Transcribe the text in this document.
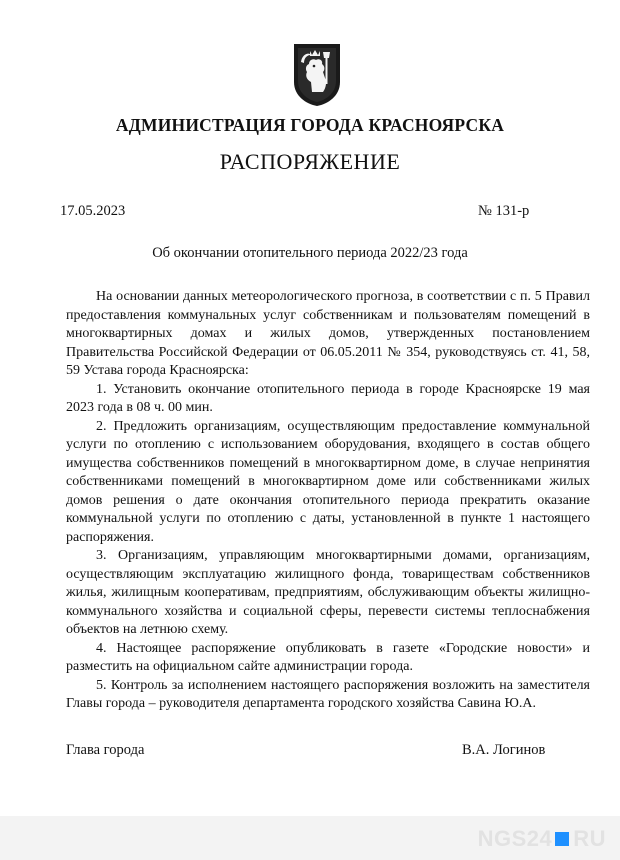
АДМИНИСТРАЦИЯ ГОРОДА КРАСНОЯРСКА
РАСПОРЯЖЕНИЕ
17.05.2023	№ 131-р
Об окончании отопительного периода 2022/23 года

На основании данных метеорологического прогноза, в соответствии с п. 5 Правил предоставления коммунальных услуг собственникам и пользователям помещений в многоквартирных домах и жилых домов, утвержденных постановлением Правительства Российской Федерации от 06.05.2011 № 354, руководствуясь ст. 41, 58, 59 Устава города Красноярска:

1. Установить окончание отопительного периода в городе Красноярске 19 мая 2023 года в 08 ч. 00 мин.

2. Предложить организациям, осуществляющим предоставление коммунальной услуги по отоплению с использованием оборудования, входящего в состав общего имущества собственников помещений в многоквартирном доме, в случае непринятия собственниками помещений в многоквартирном доме или собственниками жилых домов решения о дате окончания отопительного периода прекратить оказание коммунальной услуги по отоплению с даты, установленной в пункте 1 настоящего распоряжения.

3. Организациям, управляющим многоквартирными домами, организациям, осуществляющим эксплуатацию жилищного фонда, товариществам собственников жилья, жилищным кооперативам, предприятиям, обслуживающим объекты жилищно-коммунального хозяйства и социальной сферы, перевести системы теплоснабжения объектов на летнюю схему.

4. Настоящее распоряжение опубликовать в газете «Городские новости» и разместить на официальном сайте администрации города.

5. Контроль за исполнением настоящего распоряжения возложить на заместителя Главы города – руководителя департамента городского хозяйства Савина Ю.А.

Глава города	В.А. Логинов
NGS24 RU
